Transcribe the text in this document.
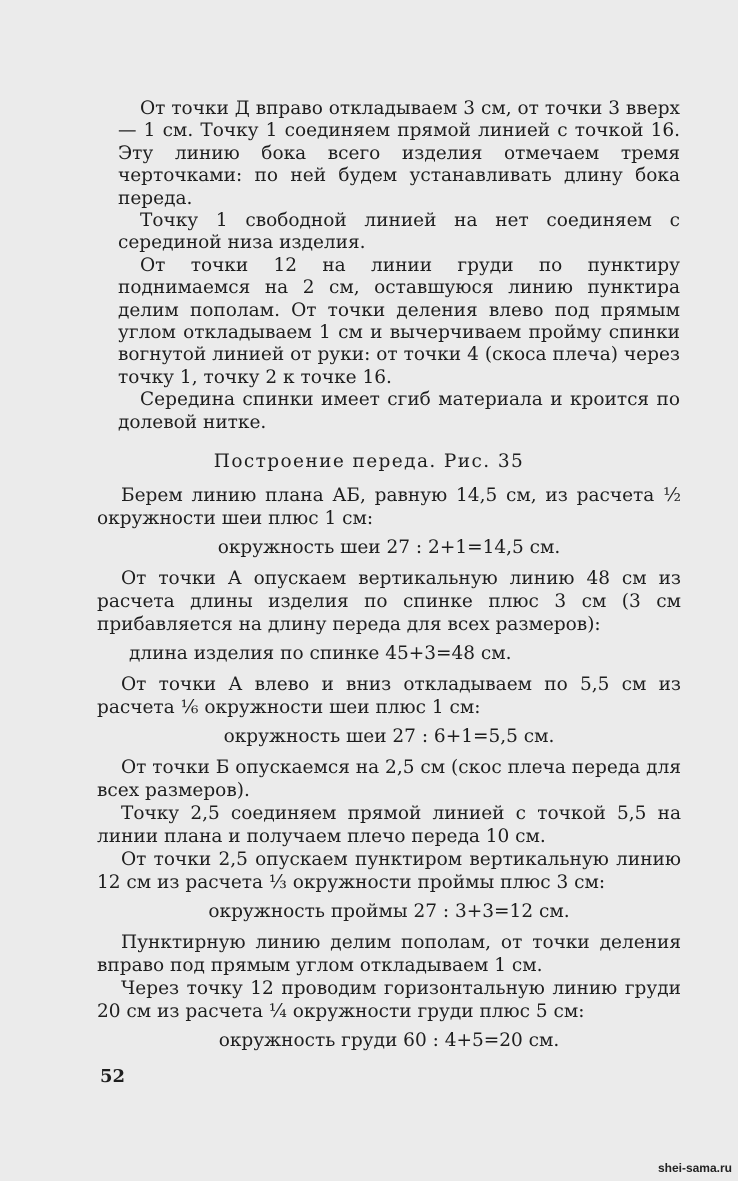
От точки Д вправо откладываем 3 см, от точки 3 вверх — 1 см. Точку 1 соединяем прямой линией с точкой 16. Эту линию бока всего изделия отмечаем тремя черточками: по ней будем устанавливать длину бока переда.

Точку 1 свободной линией на нет соединяем с серединой низа изделия.

От точки 12 на линии груди по пунктиру поднимаемся на 2 см, оставшуюся линию пунктира делим пополам. От точки деления влево под прямым углом откладываем 1 см и вычерчиваем пройму спинки вогнутой линией от руки: от точки 4 (скоса плеча) через точку 1, точку 2 к точке 16.

Середина спинки имеет сгиб материала и кроится по долевой нитке.

Построение переда. Рис. 35

Берем линию плана АБ, равную 14,5 см, из расчета ½ окружности шеи плюс 1 см:

окружность шеи 27 : 2+1=14,5 см.

От точки А опускаем вертикальную линию 48 см из расчета длины изделия по спинке плюс 3 см (3 см прибавляется на длину переда для всех размеров):

длина изделия по спинке 45+3=48 см.

От точки А влево и вниз откладываем по 5,5 см из расчета ⅙ окружности шеи плюс 1 см:

окружность шеи 27 : 6+1=5,5 см.

От точки Б опускаемся на 2,5 см (скос плеча переда для всех размеров).

Точку 2,5 соединяем прямой линией с точкой 5,5 на линии плана и получаем плечо переда 10 см.

От точки 2,5 опускаем пунктиром вертикальную линию 12 см из расчета ⅓ окружности проймы плюс 3 см:

окружность проймы 27 : 3+3=12 см.

Пунктирную линию делим пополам, от точки деления вправо под прямым углом откладываем 1 см.

Через точку 12 проводим горизонтальную линию груди 20 см из расчета ¼ окружности груди плюс 5 см:

окружность груди 60 : 4+5=20 см.

52
shei-sama.ru
